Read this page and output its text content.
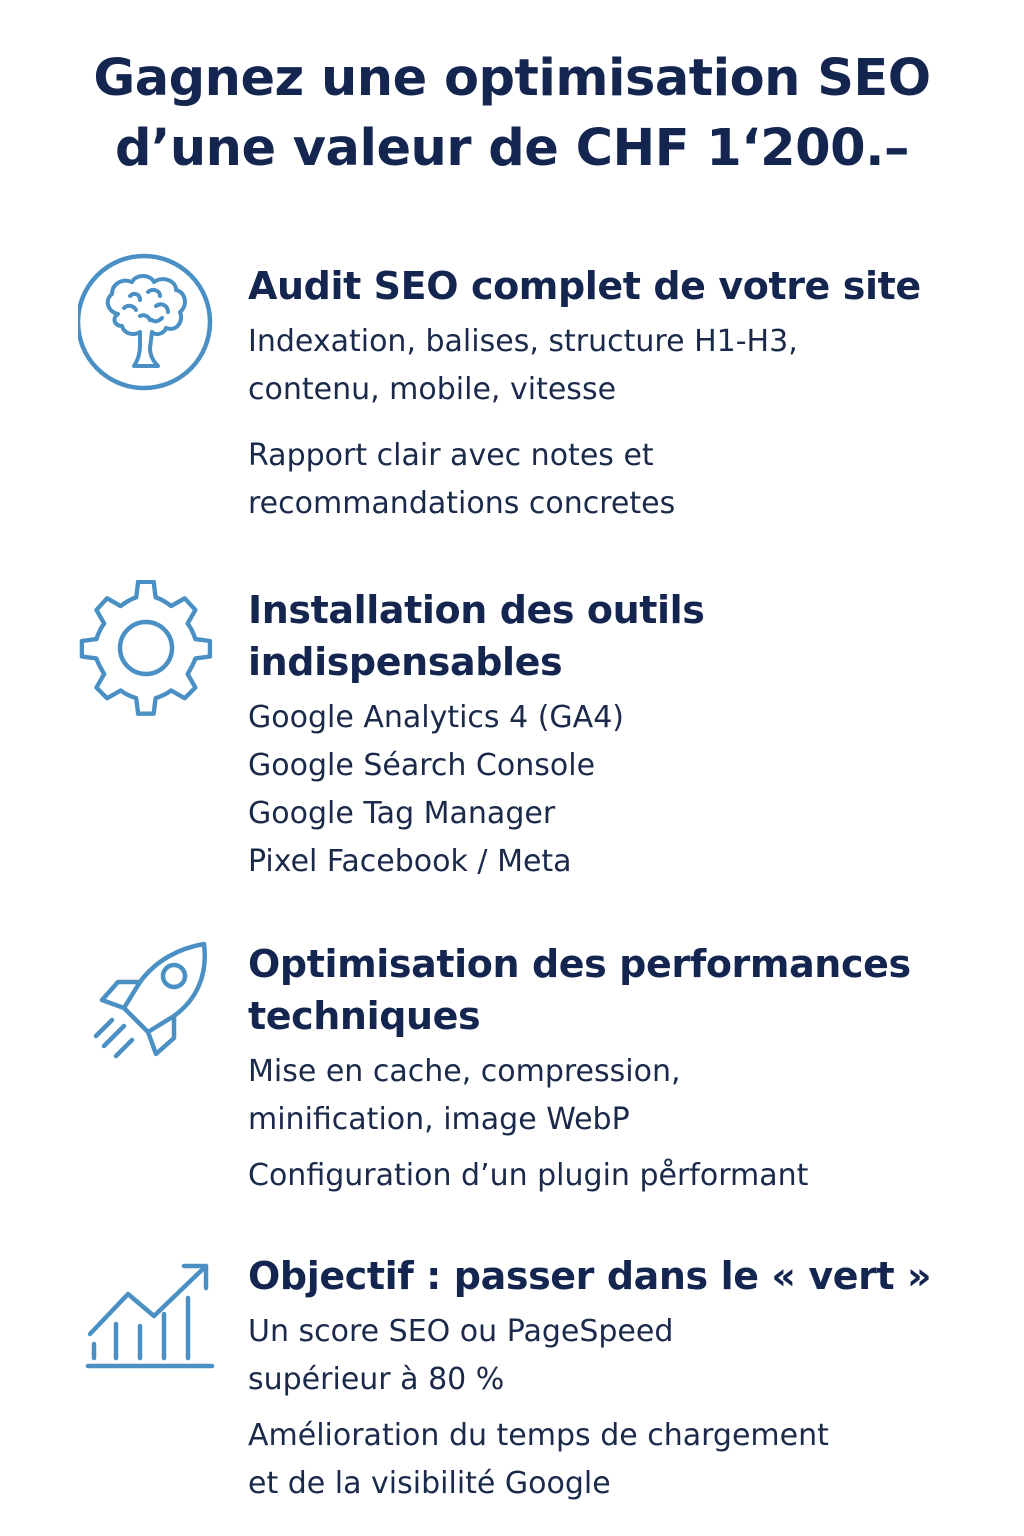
Gagnez une optimisation SEO
d’une valeur de CHF 1‘200.–

Audit SEO complet de votre site

Indexation, balises, structure H1-H3,
contenu, mobile, vitesse

Rapport clair avec notes et
recommandations concretes

Installation des outils
indispensables

Google Analytics 4 (GA4)
Google Séarch Console
Google Tag Manager
Pixel Facebook / Meta

Optimisation des performances
techniques

Mise en cache, compression,
minification, image WebP

Configuration d’un plugin pe̊rformant

Objectif : passer dans le « vert »

Un score SEO ou PageSpeed
supérieur à 80 %

Amélioration du temps de chargement
et de la visibilité Google
